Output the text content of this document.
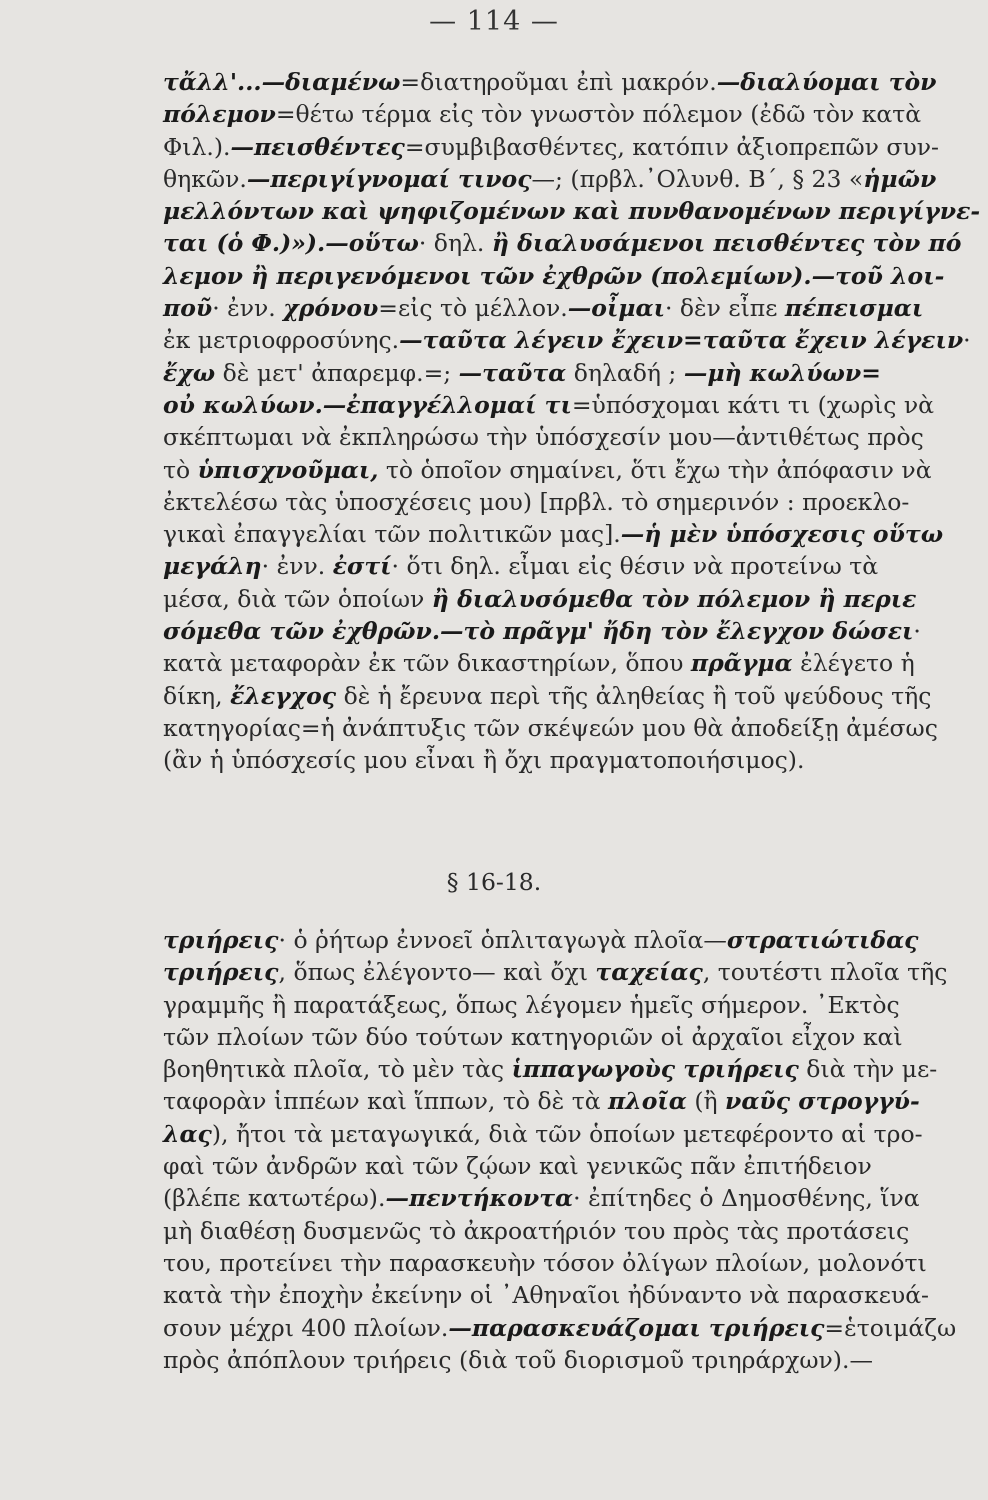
— 114 —
τἄλλ'...—διαμένω=διατηροῦμαι ἐπὶ μακρόν.—διαλύομαι τὸν
πόλεμον=θέτω τέρμα εἰς τὸν γνωστὸν πόλεμον (ἐδῶ τὸν κατὰ
Φιλ.).—πεισθέντες=συμβιβασθέντες, κατόπιν ἀξιοπρεπῶν συν-
θηκῶν.—περιγίγνομαί τινος—; (πρβλ.᾿Ολυνθ. Β΄, § 23 «ἡμῶν
μελλόντων καὶ ψηφιζομένων καὶ πυνθανομένων περιγίγνε-
ται (ὁ Φ.)»).—οὕτω· δηλ. ἢ διαλυσάμενοι πεισθέντες τὸν πό
λεμον ἢ περιγενόμενοι τῶν ἐχθρῶν (πολεμίων).—τοῦ λοι-
ποῦ· ἐνν. χρόνου=εἰς τὸ μέλλον.—οἶμαι· δὲν εἶπε πέπεισμαι
ἐκ μετριοφροσύνης.—ταῦτα λέγειν ἔχειν=ταῦτα ἔχειν λέγειν·
ἔχω δὲ μετ' ἀπαρεμφ.=; —ταῦτα δηλαδή ; —μὴ κωλύων=
οὐ κωλύων.—ἐπαγγέλλομαί τι=ὑπόσχομαι κάτι τι (χωρὶς νὰ
σκέπτωμαι νὰ ἐκπληρώσω τὴν ὑπόσχεσίν μου—ἀντιθέτως πρὸς
τὸ ὑπισχνοῦμαι, τὸ ὁποῖον σημαίνει, ὅτι ἔχω τὴν ἀπόφασιν νὰ
ἐκτελέσω τὰς ὑποσχέσεις μου) [πρβλ. τὸ σημερινόν : προεκλο-
γικαὶ ἐπαγγελίαι τῶν πολιτικῶν μας].—ἡ μὲν ὑπόσχεσις οὕτω
μεγάλη· ἐνν. ἐστί· ὅτι δηλ. εἶμαι εἰς θέσιν νὰ προτείνω τὰ
μέσα, διὰ τῶν ὁποίων ἢ διαλυσόμεθα τὸν πόλεμον ἢ περιε
σόμεθα τῶν ἐχθρῶν.—τὸ πρᾶγμ' ἤδη τὸν ἔλεγχον δώσει·
κατὰ μεταφορὰν ἐκ τῶν δικαστηρίων, ὅπου πρᾶγμα ἐλέγετο ἡ
δίκη, ἔλεγχος δὲ ἡ ἔρευνα περὶ τῆς ἀληθείας ἢ τοῦ ψεύδους τῆς
κατηγορίας=ἡ ἀνάπτυξις τῶν σκέψεών μου θὰ ἀποδείξῃ ἀμέσως
(ἂν ἡ ὑπόσχεσίς μου εἶναι ἢ ὄχι πραγματοποιήσιμος).
§ 16-18.
τριήρεις· ὁ ῥήτωρ ἐννοεῖ ὁπλιταγωγὰ πλοῖα—στρατιώτιδας
τριήρεις, ὅπως ἐλέγοντο— καὶ ὄχι ταχείας, τουτέστι πλοῖα τῆς
γραμμῆς ἢ παρατάξεως, ὅπως λέγομεν ἡμεῖς σήμερον. ᾿Εκτὸς
τῶν πλοίων τῶν δύο τούτων κατηγοριῶν οἱ ἀρχαῖοι εἶχον καὶ
βοηθητικὰ πλοῖα, τὸ μὲν τὰς ἱππαγωγοὺς τριήρεις διὰ τὴν με-
ταφορὰν ἱππέων καὶ ἵππων, τὸ δὲ τὰ πλοῖα (ἢ ναῦς στρογγύ-
λας), ἤτοι τὰ μεταγωγικά, διὰ τῶν ὁποίων μετεφέροντο αἱ τρο-
φαὶ τῶν ἀνδρῶν καὶ τῶν ζῴων καὶ γενικῶς πᾶν ἐπιτήδειον
(βλέπε κατωτέρω).—πεντήκοντα· ἐπίτηδες ὁ Δημοσθένης, ἵνα
μὴ διαθέσῃ δυσμενῶς τὸ ἀκροατήριόν του πρὸς τὰς προτάσεις
του, προτείνει τὴν παρασκευὴν τόσον ὀλίγων πλοίων, μολονότι
κατὰ τὴν ἐποχὴν ἐκείνην οἱ ᾿Αθηναῖοι ἠδύναντο νὰ παρασκευά-
σουν μέχρι 400 πλοίων.—παρασκευάζομαι τριήρεις=ἑτοιμάζω
πρὸς ἀπόπλουν τριήρεις (διὰ τοῦ διορισμοῦ τριηράρχων).—
